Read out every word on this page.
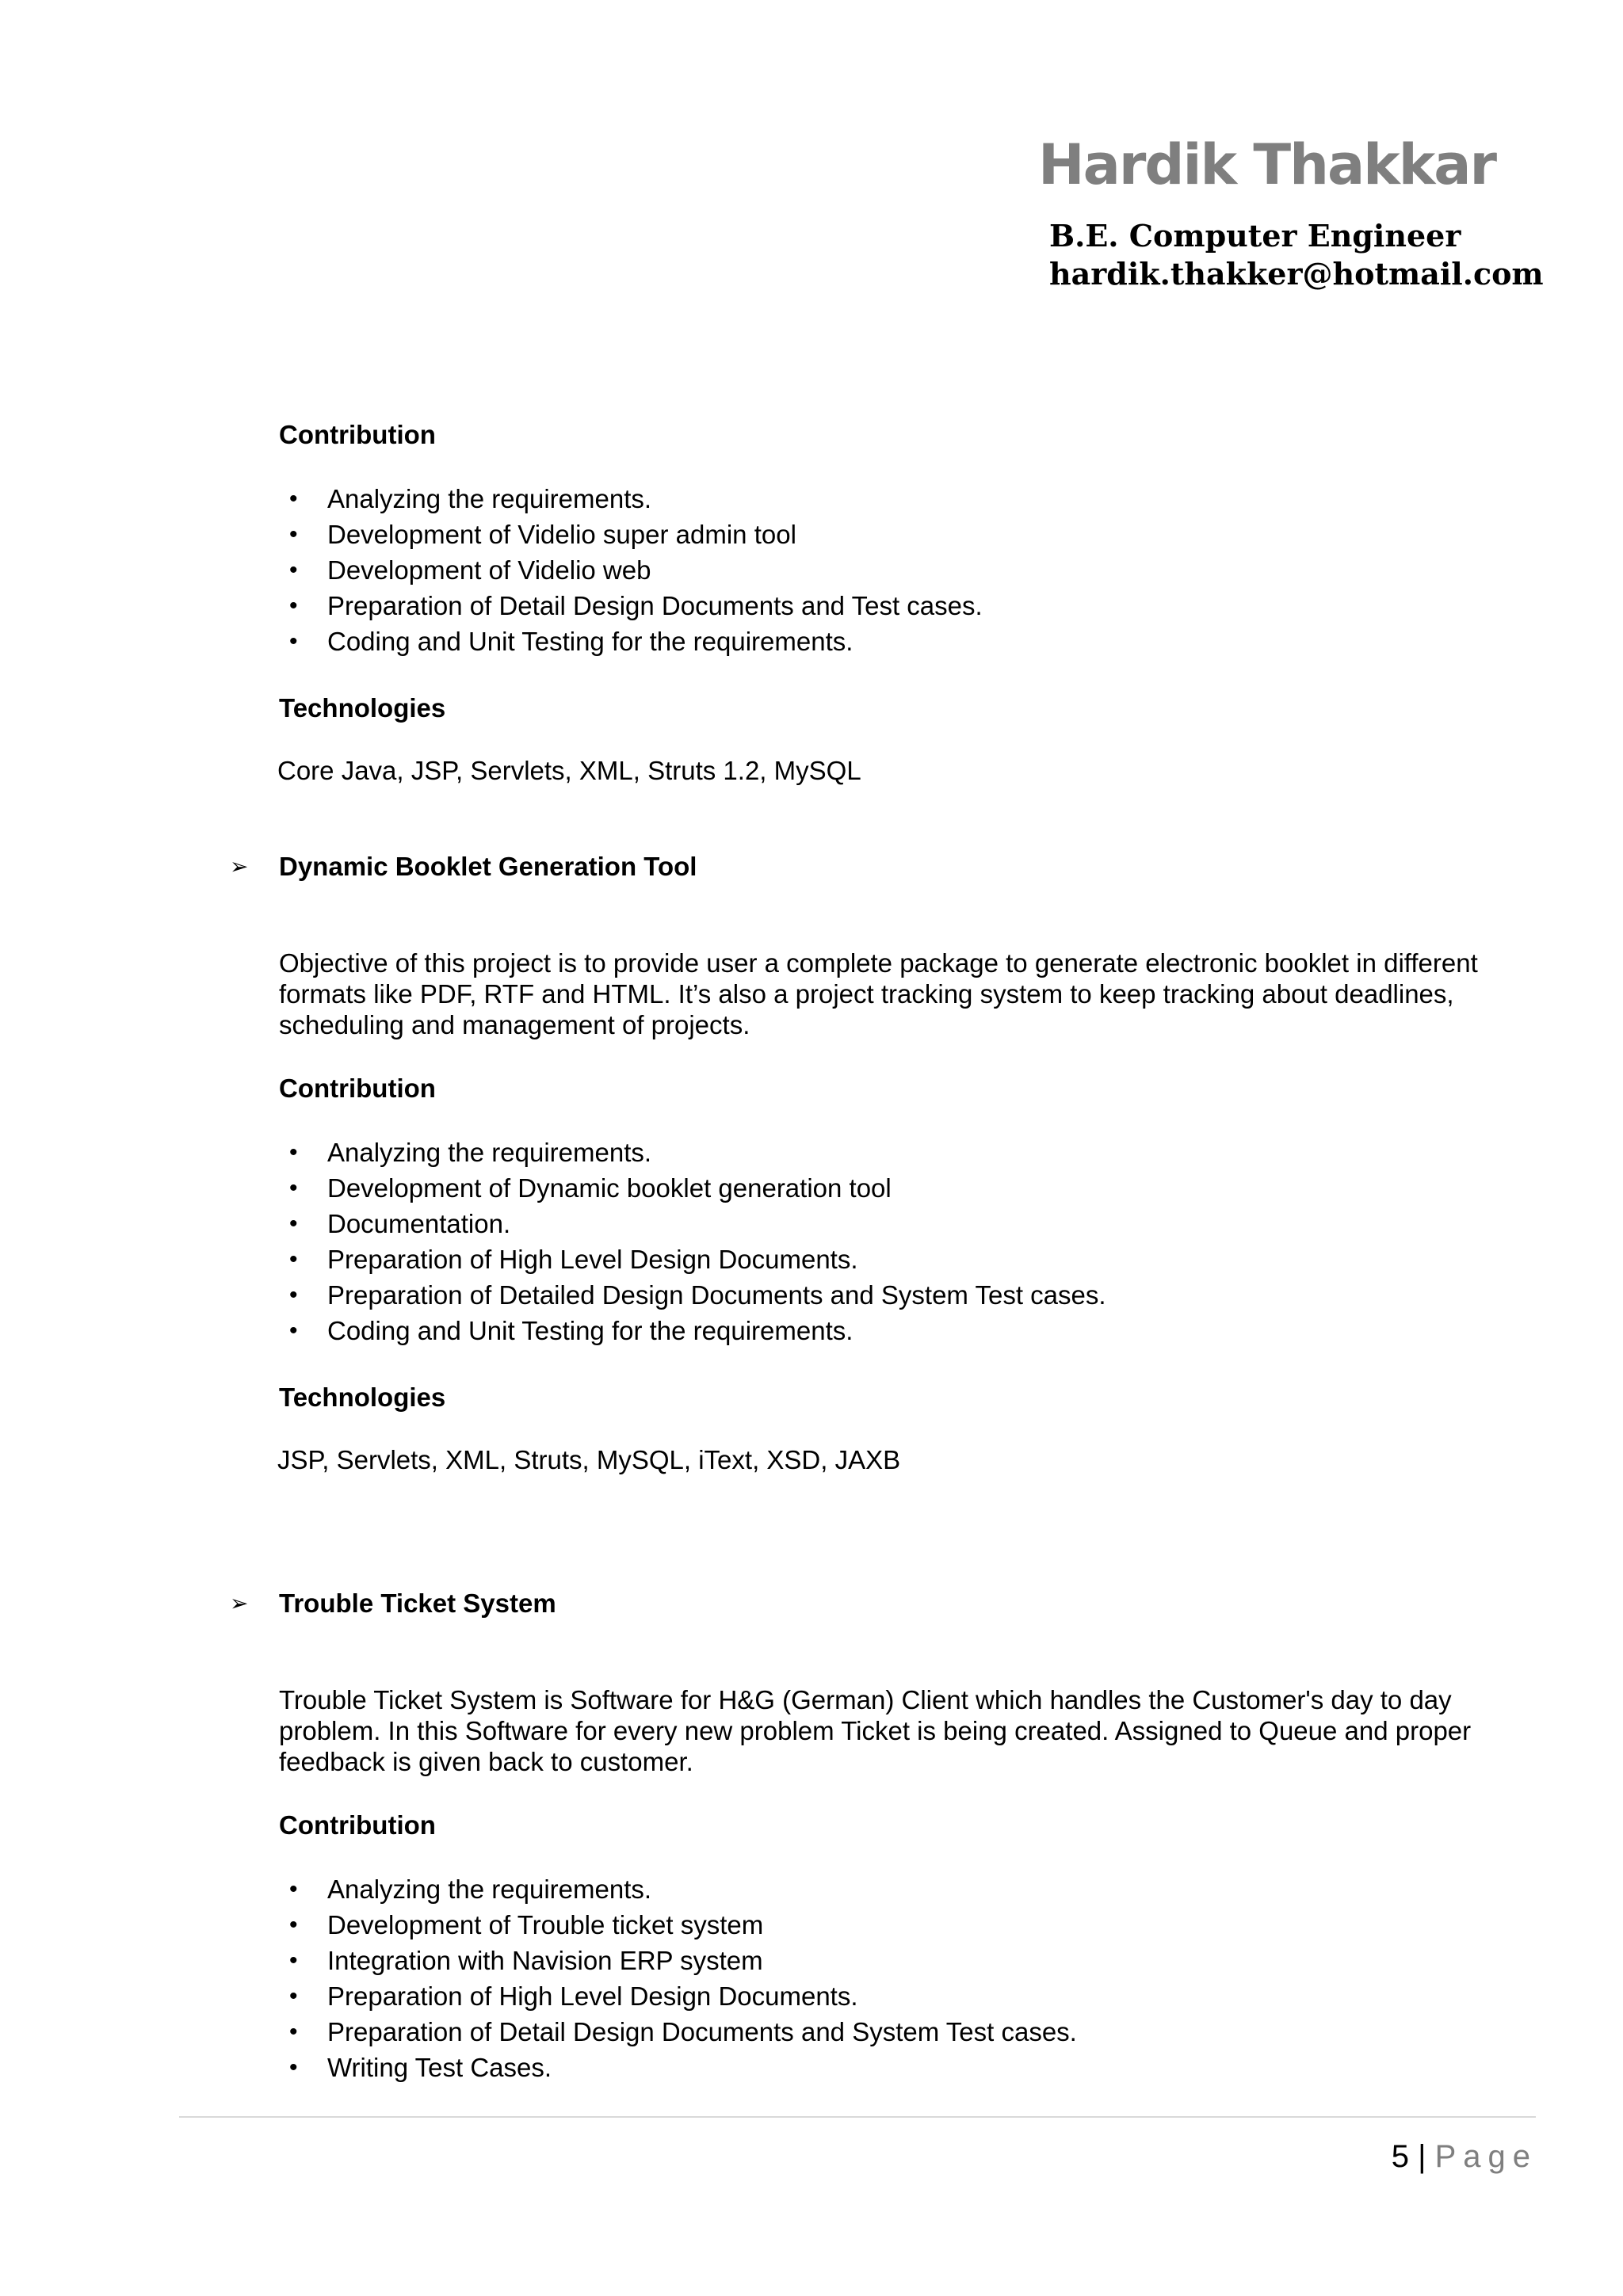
Hardik Thakkar
B.E. Computer Engineer
hardik.thakker@hotmail.com
Contribution
• Analyzing the requirements.
• Development of Videlio super admin tool
• Development of Videlio web
• Preparation of Detail Design Documents and Test cases.
• Coding and Unit Testing for the requirements.
Technologies
Core Java, JSP, Servlets, XML, Struts 1.2, MySQL
➢ Dynamic Booklet Generation Tool
Objective of this project is to provide user a complete package to generate electronic booklet in different
formats like PDF, RTF and HTML. It’s also a project tracking system to keep tracking about deadlines,
scheduling and management of projects.
Contribution
• Analyzing the requirements.
• Development of Dynamic booklet generation tool
• Documentation.
• Preparation of High Level Design Documents.
• Preparation of Detailed Design Documents and System Test cases.
• Coding and Unit Testing for the requirements.
Technologies
JSP, Servlets, XML, Struts, MySQL, iText, XSD, JAXB
➢ Trouble Ticket System
Trouble Ticket System is Software for H&G (German) Client which handles the Customer's day to day
problem. In this Software for every new problem Ticket is being created. Assigned to Queue and proper
feedback is given back to customer.
Contribution
• Analyzing the requirements.
• Development of Trouble ticket system
• Integration with Navision ERP system
• Preparation of High Level Design Documents.
• Preparation of Detail Design Documents and System Test cases.
• Writing Test Cases.
5 | Page
